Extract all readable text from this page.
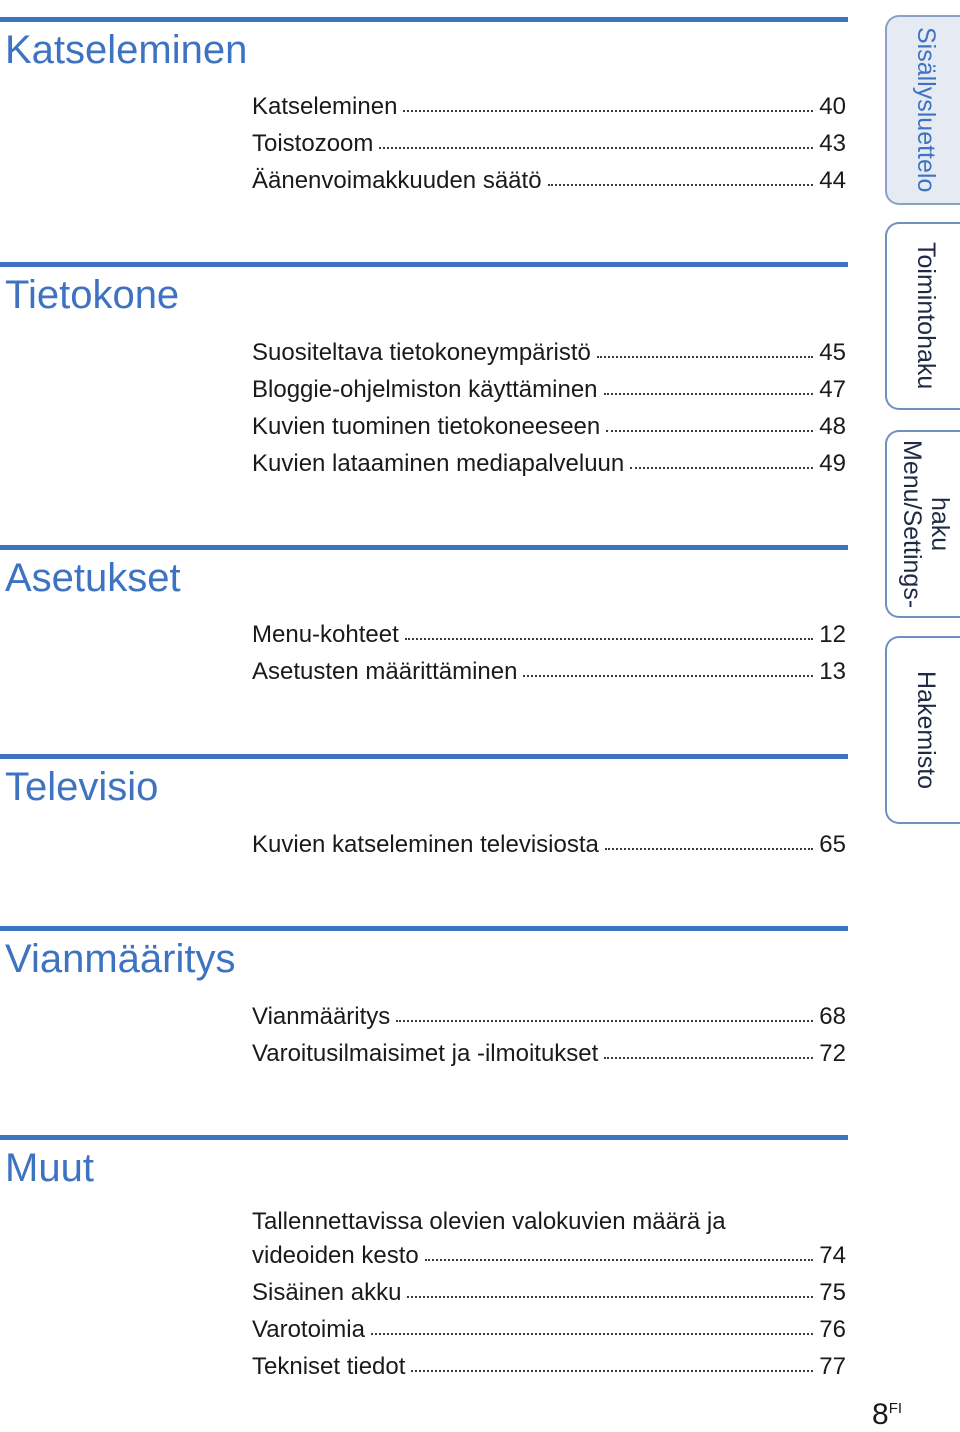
Katseleminen
Katseleminen	40
Toistozoom	43
Äänenvoimakkuuden säätö	44
Tietokone
Suositeltava tietokoneympäristö	45
Bloggie-ohjelmiston käyttäminen	47
Kuvien tuominen tietokoneeseen	48
Kuvien lataaminen mediapalveluun	49
Asetukset
Menu-kohteet	12
Asetusten määrittäminen	13
Televisio
Kuvien katseleminen televisiosta	65
Vianmääritys
Vianmääritys	68
Varoitusilmaisimet ja -ilmoitukset	72
Muut
Tallennettavissa olevien valokuvien määrä ja
videoiden kesto	74
Sisäinen akku	75
Varotoimia	76
Tekniset tiedot	77
Sisällysluettelo
Toimintohaku
Menu/Settings- haku
Hakemisto
$8^{FI}$
